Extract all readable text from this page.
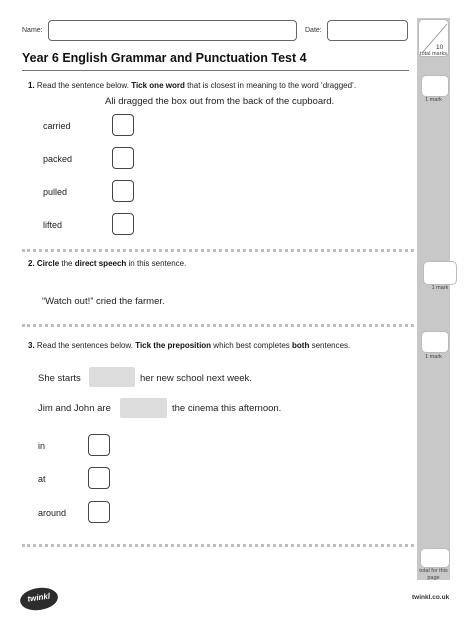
Name:	Date:
Year 6 English Grammar and Punctuation Test 4
10
total marks
1 mark
1 mark
1 mark
total for this page
1. Read the sentence below. Tick one word that is closest in meaning to the word ‘dragged’.
Ali dragged the box out from the back of the cupboard.
carried
packed
pulled
lifted
2. Circle the direct speech in this sentence.
“Watch out!” cried the farmer.
3. Read the sentences below. Tick the preposition which best completes both sentences.
She starts	her new school next week.
Jim and John are	the cinema this afternoon.
in
at
around
twinkl	twinkl.co.uk
